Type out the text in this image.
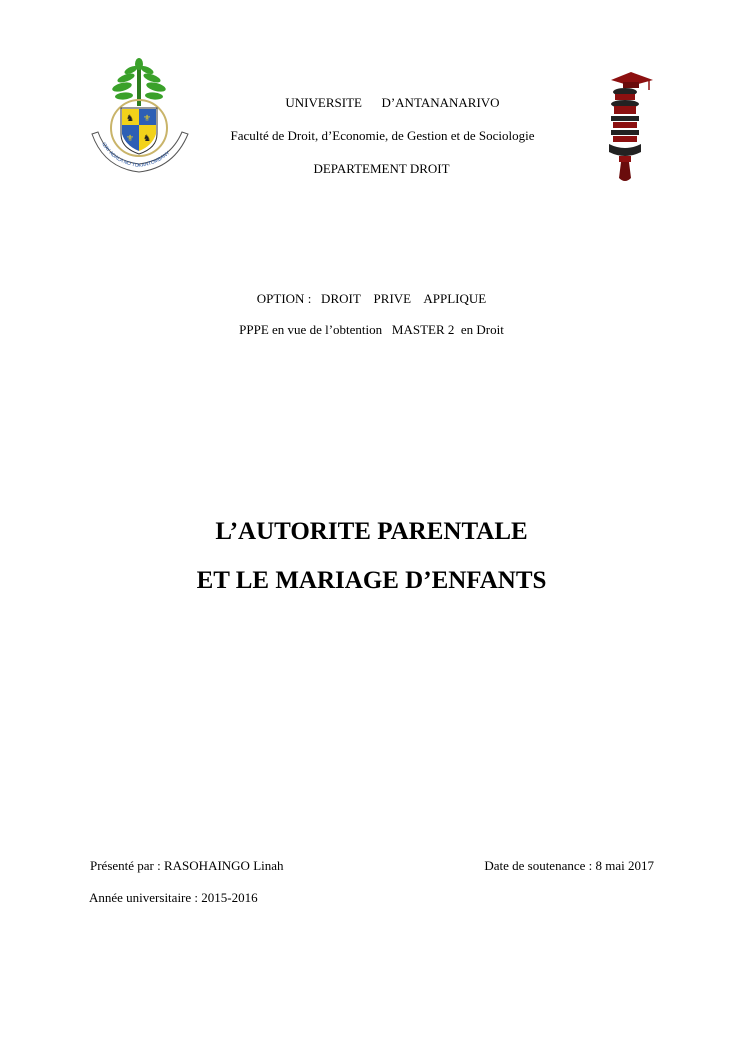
♞ ⚜
⚜ ♞
IZAY ADALA NO TOKANTOMBANY
UNIVERSITE      D’ANTANANARIVO
Faculté de Droit, d’Economie, de Gestion et de Sociologie
DEPARTEMENT DROIT
OPTION :   DROIT    PRIVE    APPLIQUE
PPPE en vue de l’obtention   MASTER 2  en Droit
L’AUTORITE PARENTALE
ET LE MARIAGE D’ENFANTS
Présenté par : RASOHAINGO Linah	Date de soutenance : 8 mai 2017
Année universitaire : 2015-2016
